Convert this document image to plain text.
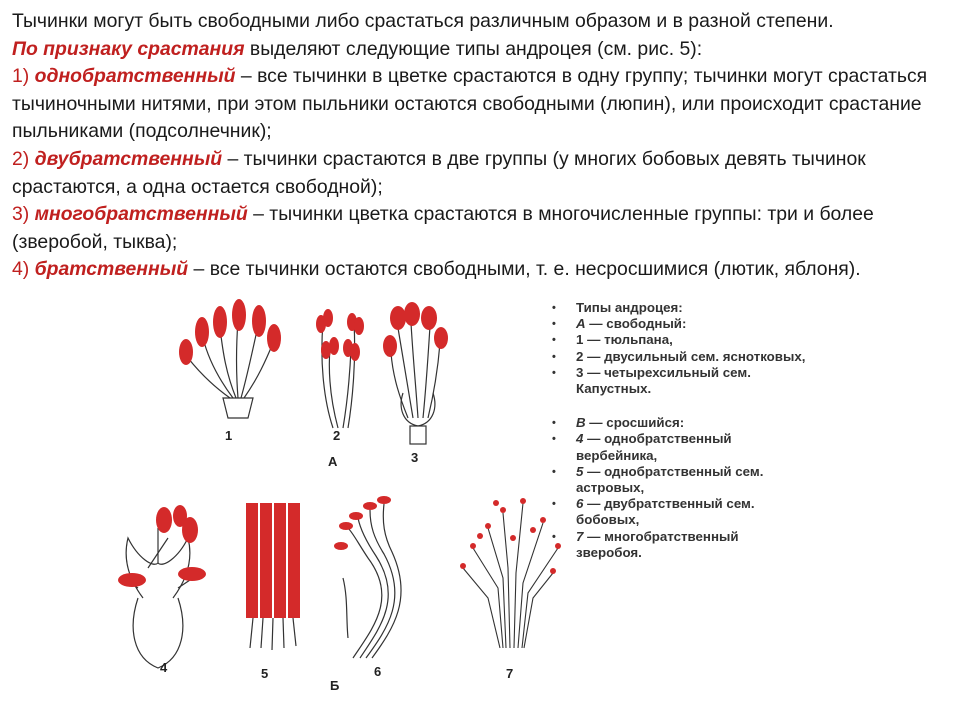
Тычинки могут быть свободными либо срастаться различным образом и в разной степени.

По признаку срастания выделяют следующие типы андроцея (см. рис. 5):

1) однобратственный – все тычинки в цветке срастаются в одну группу; тычинки могут срастаться тычиночными нитями, при этом пыльники остаются свободными (люпин), или происходит срастание пыльниками (подсолнечник);

2) двубратственный – тычинки срастаются в две группы (у многих бобовых девять тычинок срастаются, а одна остается свободной);

3) многобратственный – тычинки цветка срастаются в многочисленные группы: три и более (зверобой, тыква);

4) братственный – все тычинки остаются свободными, т. е. несросшимися (лютик, яблоня).

1	2
3
А
4	5	6	7
Б
•	Типы андроцея:
•	А — свободный:
•	1 — тюльпана,
•	2 — двусильный сем. яснотковых,
•	3 — четырехсильный сем. Капустных.
•	В — сросшийся:
•	4 — однобратственный вербейника,
•	5 — однобратственный сем. астровых,
•	6 — двубратственный сем. бобовых,
•	7 — многобратственный зверобоя.
